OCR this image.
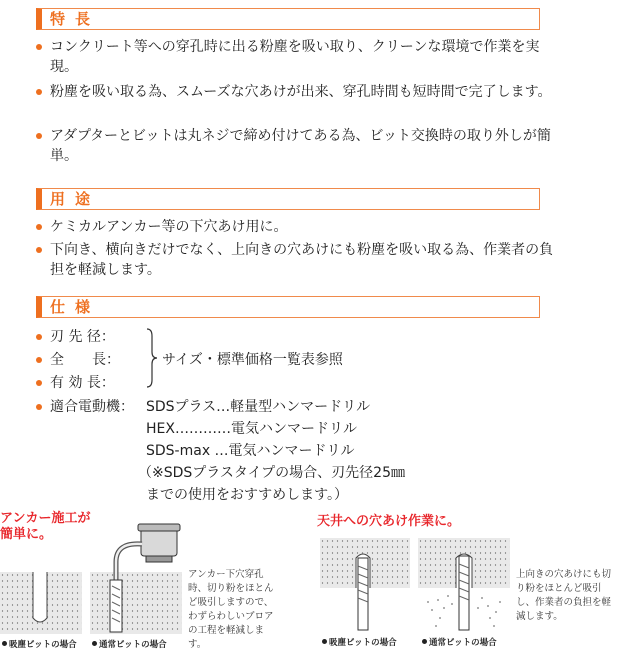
特長
コンクリート等への穿孔時に出る粉塵を吸い取り、クリーンな環境で作業を実現。
粉塵を吸い取る為、スムーズな穴あけが出来、穿孔時間も短時間で完了します。
アダプターとビットは丸ネジで締め付けてある為、ビット交換時の取り外しが簡単。
用途
ケミカルアンカー等の下穴あけ用に。
下向き、横向きだけでなく、上向きの穴あけにも粉塵を吸い取る為、作業者の負担を軽減します。
仕様
刃 先 径：
全　　長：
有 効 長：
サイズ・標準価格一覧表参照
適合電動機： SDSプラス…軽量型ハンマードリル
HEX…………電気ハンマードリル
SDS-max …電気ハンマードリル
（※SDSプラスタイプの場合、刃先径25㎜
までの使用をおすすめします。）
アンカー施工が
簡単に。
アンカー下穴穿孔時、切り粉をほとんど吸引しますので、わずらわしいブロアの工程を軽減します。
吸塵ビットの場合	通常ビットの場合
天井への穴あけ作業に。
上向きの穴あけにも切り粉をほとんど吸引し、作業者の負担を軽減します。
吸塵ビットの場合	通常ビットの場合
